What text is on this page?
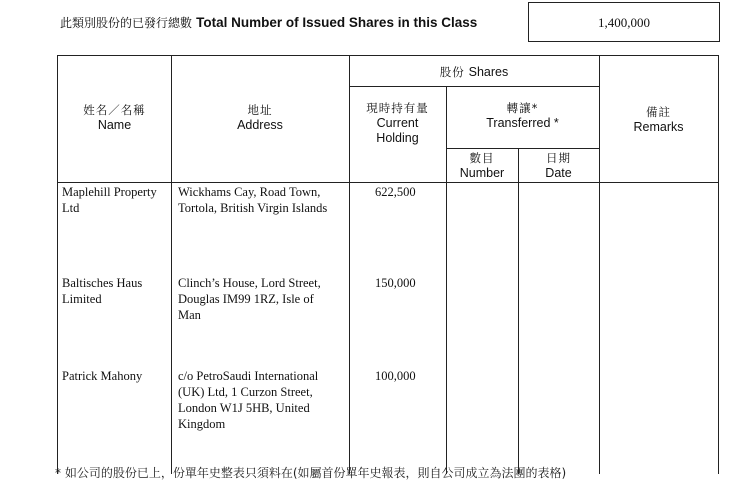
此類別股份的已發行總數 Total Number of Issued Shares in this Class	1,400,000
姓名／名稱
Name
地址
Address
股份 Shares
現時持有量
Current
Holding
轉讓*
Transferred *
數目
Number
日期
Date
備註
Remarks
Maplehill Property
Ltd
Wickhams Cay, Road Town,
Tortola, British Virgin Islands
622,500
Baltisches Haus
Limited
Clinch’s House, Lord Street,
Douglas IM99 1RZ, Isle of
Man
150,000
Patrick Mahony	c/o PetroSaudi International
(UK) Ltd, 1 Curzon Street,
London W1J 5HB, United
Kingdom
100,000
* 如公司的股份已上，份單年史整表只須料在(如屬首份單年史報表，則自公司成立為法團的表格)
